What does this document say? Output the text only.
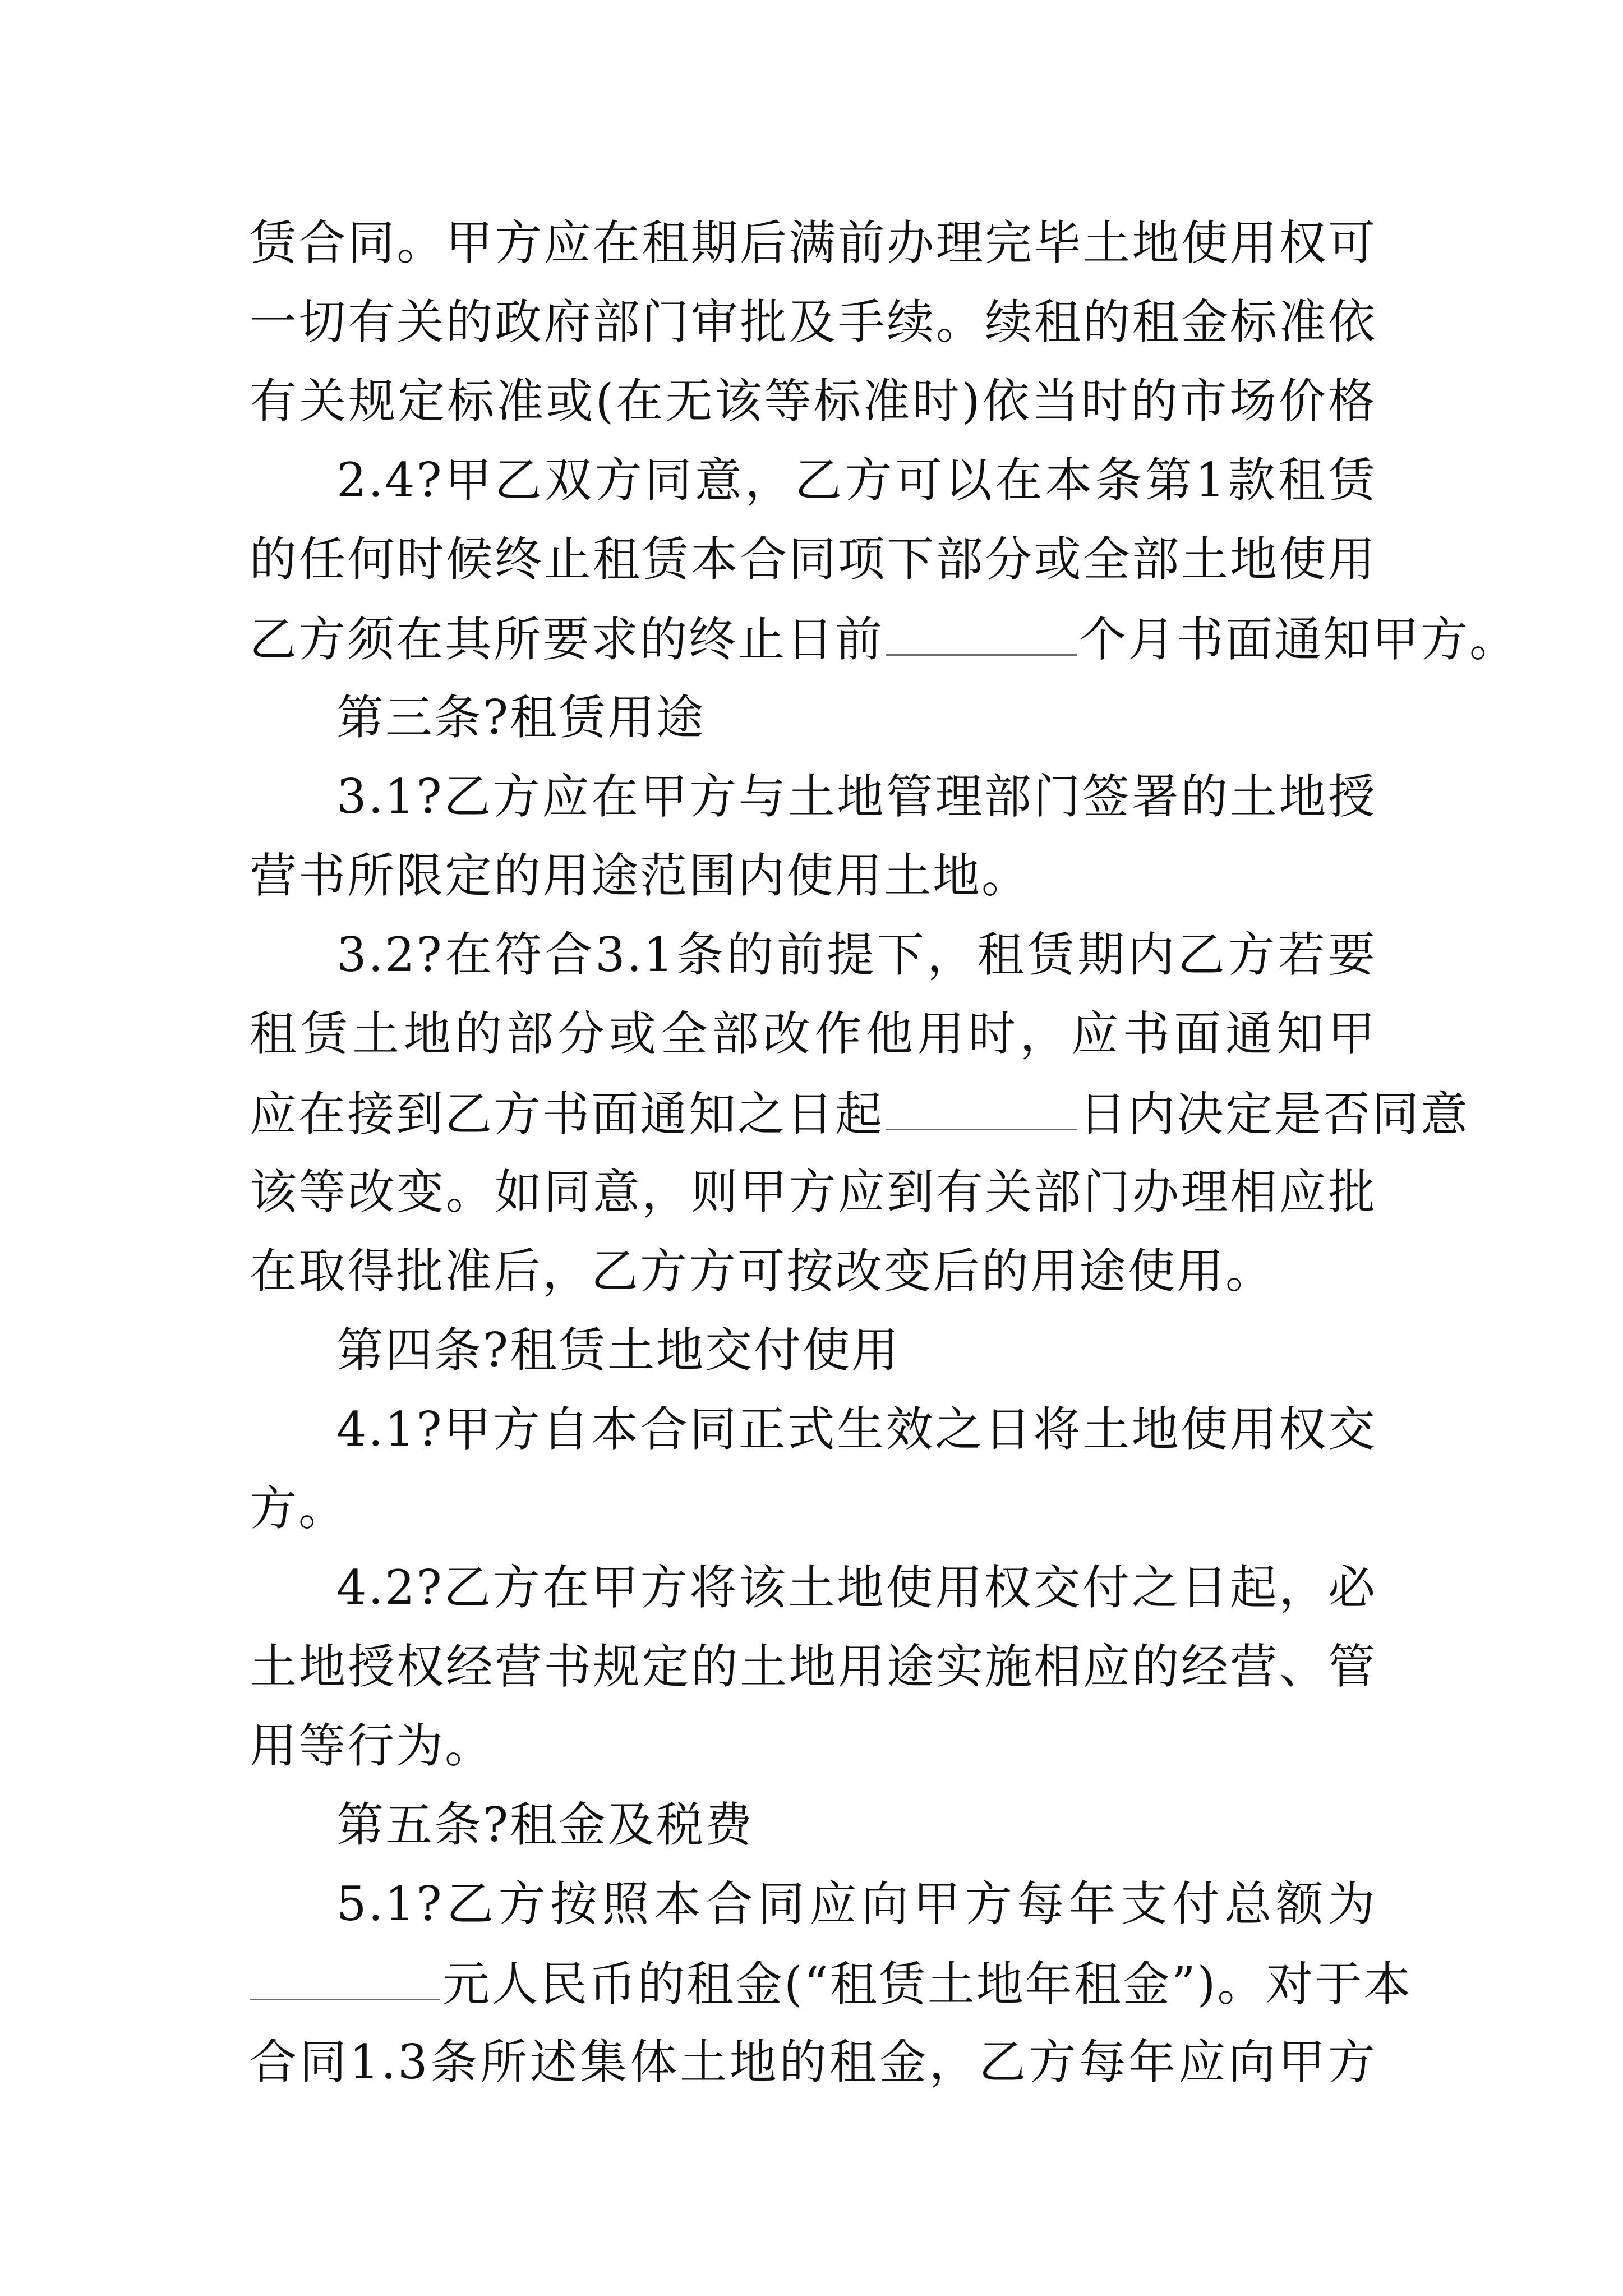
赁合同。甲方应在租期后满前办理完毕土地使用权可
一切有关的政府部门审批及手续。续租的租金标准依
有关规定标准或(在无该等标准时)依当时的市场价格
2.4?甲乙双方同意，乙方可以在本条第1款租赁
的任何时候终止租赁本合同项下部分或全部土地使用
乙方须在其所要求的终止日前	个月书面通知甲方。
第三条?租赁用途
3.1?乙方应在甲方与土地管理部门签署的土地授
营书所限定的用途范围内使用土地。
3.2?在符合3.1条的前提下，租赁期内乙方若要
租赁土地的部分或全部改作他用时，应书面通知甲
应在接到乙方书面通知之日起	日内决定是否同意
该等改变。如同意，则甲方应到有关部门办理相应批
在取得批准后，乙方方可按改变后的用途使用。
第四条?租赁土地交付使用
4.1?甲方自本合同正式生效之日将土地使用权交
方。
4.2?乙方在甲方将该土地使用权交付之日起，必
土地授权经营书规定的土地用途实施相应的经营、管
用等行为。
第五条?租金及税费
5.1?乙方按照本合同应向甲方每年支付总额为
元人民币的租金(“租赁土地年租金”)。对于本
合同1.3条所述集体土地的租金，乙方每年应向甲方
